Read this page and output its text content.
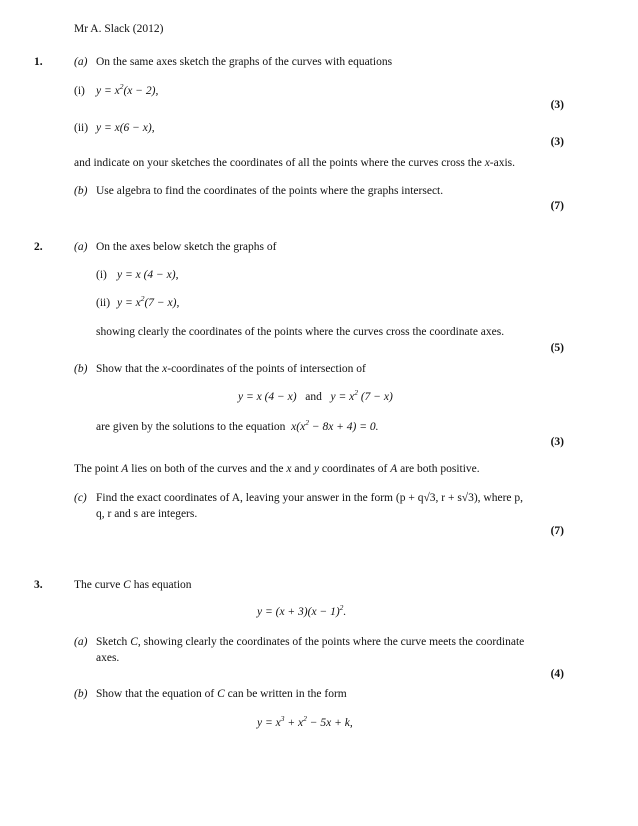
Mr A. Slack (2012)
1.	(a) On the same axes sketch the graphs of the curves with equations
(i) $y = x^2(x - 2)$,
(3)
(ii) y = x(6 − x),
(3)
and indicate on your sketches the coordinates of all the points where the curves cross the x-axis.
(b) Use algebra to find the coordinates of the points where the graphs intersect.
(7)
2.	(a) On the axes below sketch the graphs of
(i) y = x (4 − x),
(ii) $y = x^2(7 - x)$,
showing clearly the coordinates of the points where the curves cross the coordinate axes.
(5)
(b) Show that the x-coordinates of the points of intersection of
y = x (4 − x) and $y = x^2$ (7 − x)
are given by the solutions to the equation $x(x^2 - 8x + 4) = 0$.
(3)
The point A lies on both of the curves and the x and y coordinates of A are both positive.
(c) Find the exact coordinates of A, leaving your answer in the form (p + q√3, r + s√3), where p,
q, r and s are integers.
(7)
3.	The curve C has equation
$y = (x + 3)(x - 1)^2$.
(a) Sketch C, showing clearly the coordinates of the points where the curve meets the coordinate
axes.
(4)
(b) Show that the equation of C can be written in the form
$y = x^3 + x^2 - 5x + k$,
